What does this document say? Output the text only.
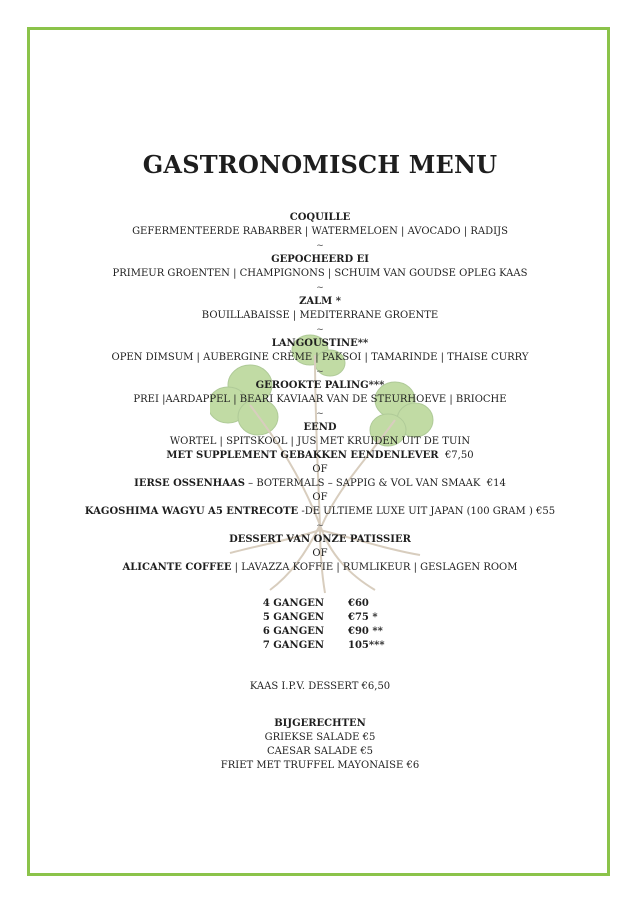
GASTRONOMISCH MENU
COQUILLE
GEFERMENTEERDE RABARBER | WATERMELOEN | AVOCADO | RADIJS
~
GEPOCHEERD EI
PRIMEUR GROENTEN | CHAMPIGNONS | SCHUIM VAN GOUDSE OPLEG KAAS
~
ZALM *
BOUILLABAISSE | MEDITERRANE GROENTE
~
LANGOUSTINE**
OPEN DIMSUM | AUBERGINE CRÈME | PAKSOI | TAMARINDE | THAISE CURRY
~
GEROOKTE PALING***
PREI |AARDAPPEL | BEARI KAVIAAR VAN DE STEURHOEVE | BRIOCHE
~
EEND
WORTEL | SPITSKOOL | JUS MET KRUIDEN UIT DE TUIN
MET SUPPLEMENT GEBAKKEN EENDENLEVER €7,50
OF
IERSE OSSENHAAS – BOTERMALS – SAPPIG & VOL VAN SMAAK €14
OF
KAGOSHIMA WAGYU A5 ENTRECOTE -DE ULTIEME LUXE UIT JAPAN (100 GRAM ) €55
~
DESSERT VAN ONZE PATISSIER
OF
ALICANTE COFFEE | LAVAZZA KOFFIE | RUMLIKEUR | GESLAGEN ROOM
4 GANGEN €60
5 GANGEN €75 *
6 GANGEN €90 **
7 GANGEN 105***
KAAS I.P.V. DESSERT €6,50
BIJGERECHTEN
GRIEKSE SALADE €5
CAESAR SALADE €5
FRIET MET TRUFFEL MAYONAISE €6
